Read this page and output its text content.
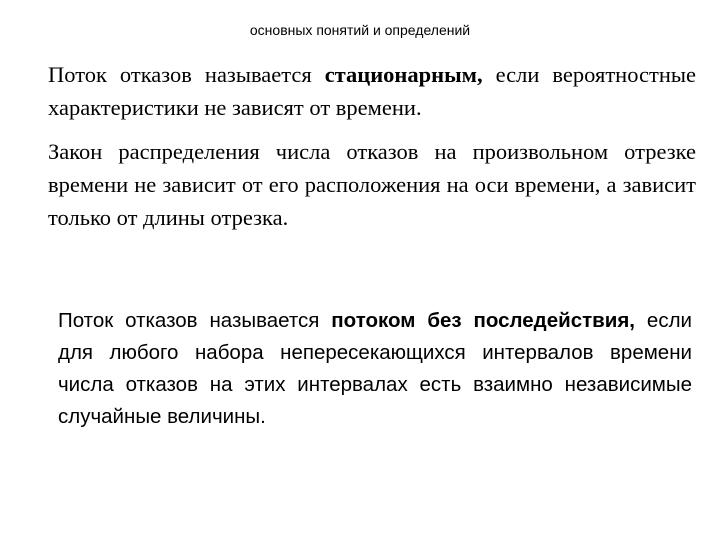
основных понятий и определений

Поток отказов называется стационарным, если вероятностные характеристики не зависят от времени.

Закон распределения числа отказов на произвольном отрезке времени не зависит от его расположения на оси времени, а зависит только от длины отрезка.

Поток отказов называется потоком без последействия, если для любого набора непересекающихся интервалов времени числа отказов на этих интервалах есть взаимно независимые случайные величины.
